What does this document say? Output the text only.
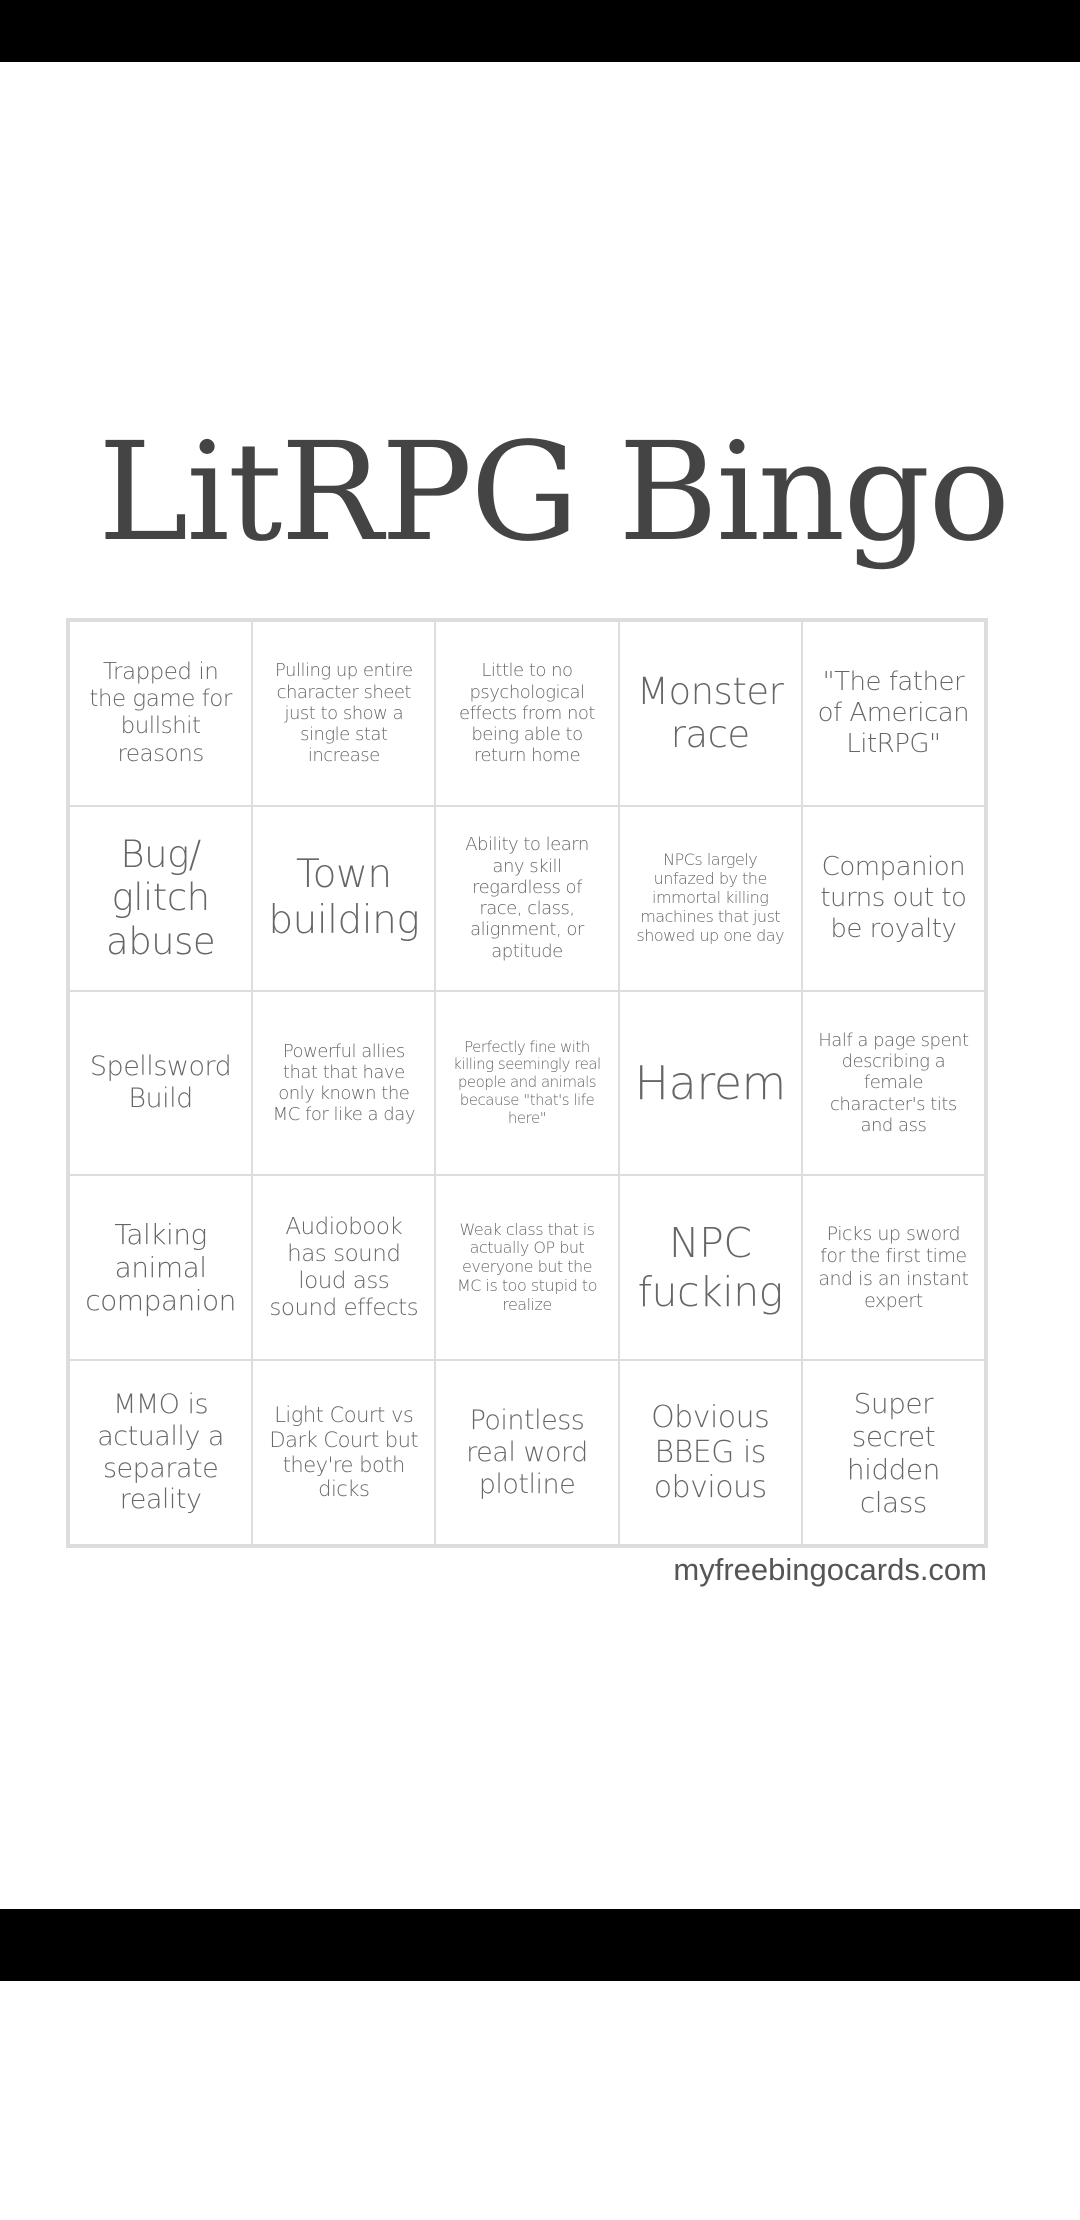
LitRPG Bingo
Trapped in the game for bullshit reasons
Pulling up entire character sheet just to show a single stat increase
Little to no psychological effects from not being able to return home
Monster race
"The father of American LitRPG"
Bug/ glitch abuse
Town building
Ability to learn any skill regardless of race, class, alignment, or aptitude
NPCs largely unfazed by the immortal killing machines that just showed up one day
Companion turns out to be royalty
Spellsword Build
Powerful allies that that have only known the MC for like a day
Perfectly fine with killing seemingly real people and animals because "that's life here"
Harem
Half a page spent describing a female character's tits and ass
Talking animal companion
Audiobook has sound loud ass sound effects
Weak class that is actually OP but everyone but the MC is too stupid to realize
NPC fucking
Picks up sword for the first time and is an instant expert
MMO is actually a separate reality
Light Court vs Dark Court but they're both dicks
Pointless real word plotline
Obvious BBEG is obvious
Super secret hidden class
myfreebingocards.com
